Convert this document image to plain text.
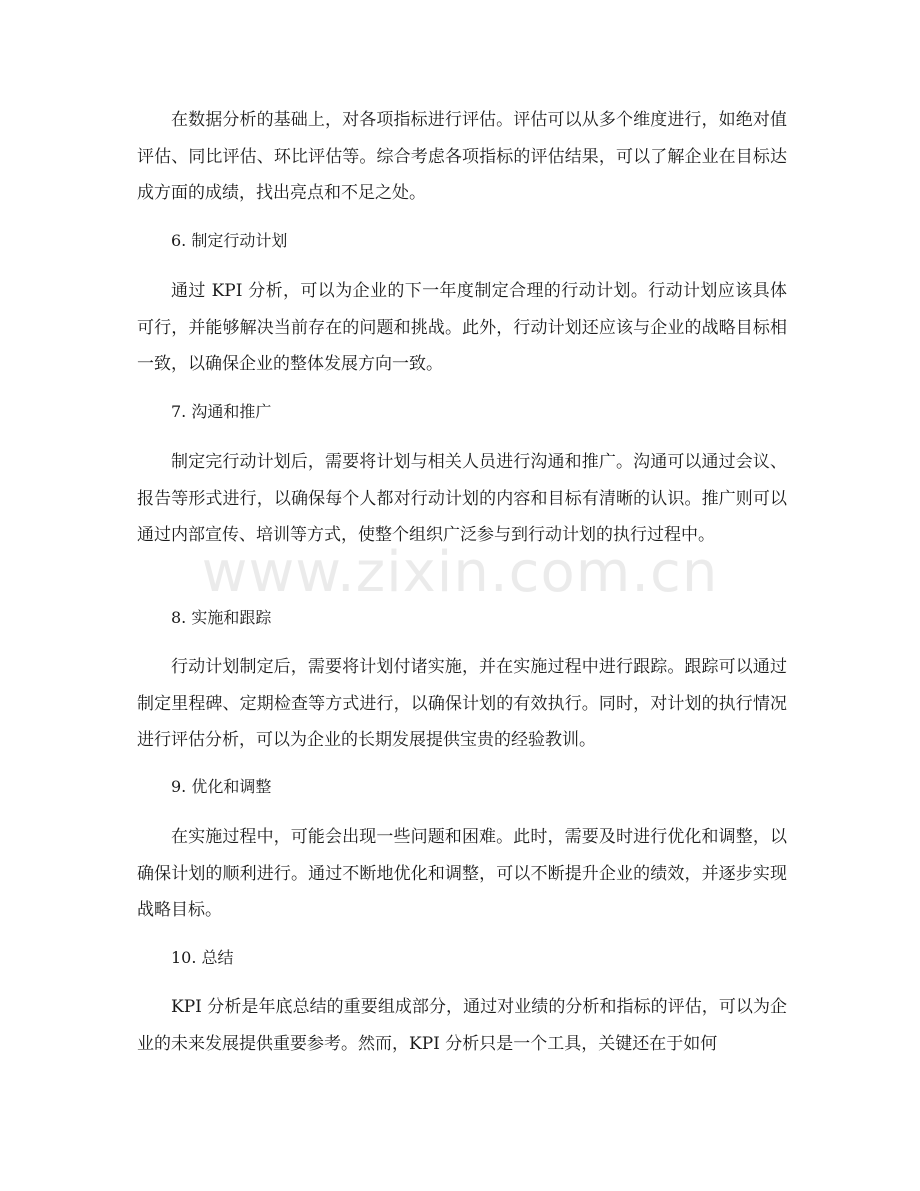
在数据分析的基础上，对各项指标进行评估。评估可以从多个维度进行，如绝对值评估、同比评估、环比评估等。综合考虑各项指标的评估结果，可以了解企业在目标达成方面的成绩，找出亮点和不足之处。

6. 制定行动计划

通过 KPI 分析，可以为企业的下一年度制定合理的行动计划。行动计划应该具体可行，并能够解决当前存在的问题和挑战。此外，行动计划还应该与企业的战略目标相一致，以确保企业的整体发展方向一致。

7. 沟通和推广

制定完行动计划后，需要将计划与相关人员进行沟通和推广。沟通可以通过会议、报告等形式进行，以确保每个人都对行动计划的内容和目标有清晰的认识。推广则可以通过内部宣传、培训等方式，使整个组织广泛参与到行动计划的执行过程中。

8. 实施和跟踪

行动计划制定后，需要将计划付诸实施，并在实施过程中进行跟踪。跟踪可以通过制定里程碑、定期检查等方式进行，以确保计划的有效执行。同时，对计划的执行情况进行评估分析，可以为企业的长期发展提供宝贵的经验教训。

9. 优化和调整

在实施过程中，可能会出现一些问题和困难。此时，需要及时进行优化和调整，以确保计划的顺利进行。通过不断地优化和调整，可以不断提升企业的绩效，并逐步实现战略目标。

10. 总结

KPI 分析是年底总结的重要组成部分，通过对业绩的分析和指标的评估，可以为企业的未来发展提供重要参考。然而，KPI 分析只是一个工具，关键还在于如何

www.zixin.com.cn
